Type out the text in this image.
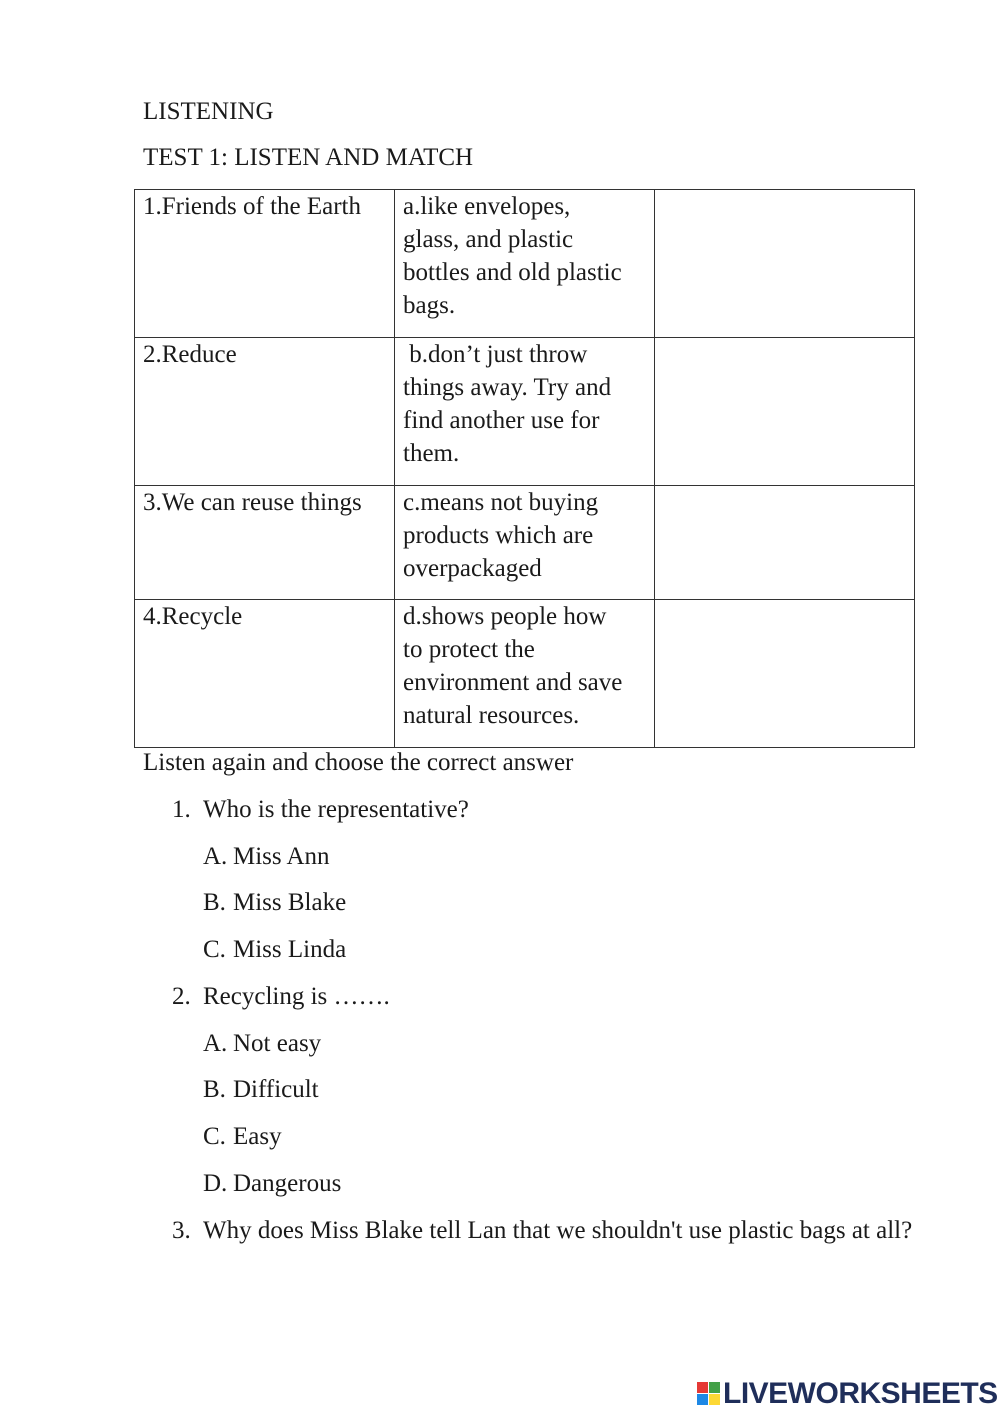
LISTENING
TEST 1: LISTEN AND MATCH
1.Friends of the Earth	a.like envelopes,
glass, and plastic
bottles and old plastic
bags.	

2.Reduce	b.don’t just throw
things away. Try and
find another use for
them.	

3.We can reuse things	c.means not buying
products which are
overpackaged	

4.Recycle	d.shows people how
to protect the
environment and save
natural resources.	

Listen again and choose the correct answer
1. Who is the representative?
A. Miss Ann
B. Miss Blake
C. Miss Linda
2. Recycling is …….
A. Not easy
B. Difficult
C. Easy
D. Dangerous
3. Why does Miss Blake tell Lan that we shouldn't use plastic bags at all?
LIVEWORKSHEETS
